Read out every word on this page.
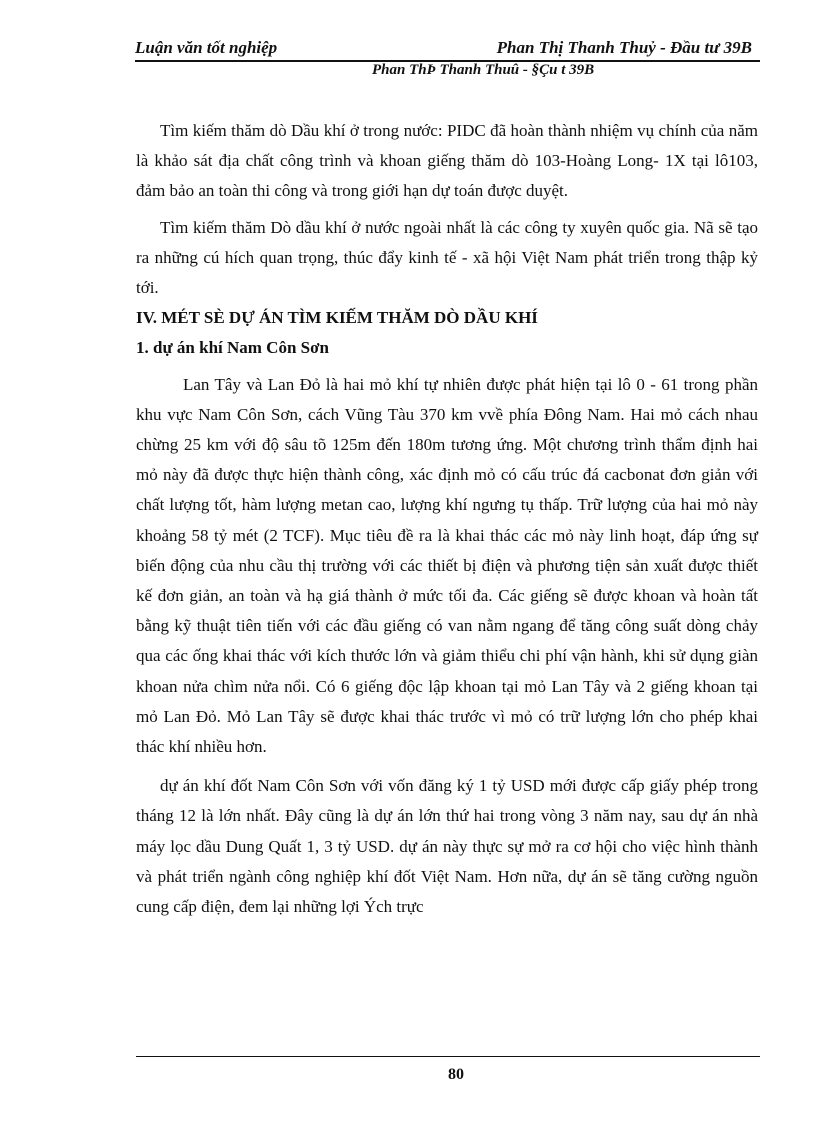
Luận văn tốt nghiệp	Phan Thị Thanh Thuỷ - Đầu tư 39B
Phan ThÞ Thanh Thuû - §Çu t 39B

Tìm kiếm thăm dò Dầu khí ở trong nước: PIDC đã hoàn thành nhiệm vụ chính của năm là khảo sát địa chất công trình và khoan giếng thăm dò 103-Hoàng Long- 1X tại lô103, đảm bảo an toàn thi công và trong giới hạn dự toán được duyệt.

Tìm kiếm thăm Dò dầu khí ở nước ngoài nhất là các công ty xuyên quốc gia. Nã sẽ tạo ra những cú hích quan trọng, thúc đẩy kinh tế - xã hội Việt Nam phát triển trong thập kỷ tới.

IV. MÉT SÈ DỰ ÁN TÌM KIẾM THĂM DÒ DẦU KHÍ
1. dự án khí Nam Côn Sơn

Lan Tây và Lan Đỏ là hai mỏ khí tự nhiên được phát hiện tại lô 0 - 61 trong phần khu vực Nam Côn Sơn, cách Vũng Tàu 370 km vvề phía Đông Nam. Hai mỏ cách nhau chừng 25 km với độ sâu tõ 125m đến 180m tương ứng. Một chương trình thẩm định hai mỏ này đã được thực hiện thành công, xác định mỏ có cấu trúc đá cacbonat đơn giản với chất lượng tốt, hàm lượng metan cao, lượng khí ngưng tụ thấp. Trữ lượng của hai mỏ này khoảng 58 tỷ mét (2 TCF). Mục tiêu đề ra là khai thác các mỏ này linh hoạt, đáp ứng sự biến động của nhu cầu thị trường với các thiết bị điện và phương tiện sản xuất được thiết kế đơn giản, an toàn và hạ giá thành ở mức tối đa. Các giếng sẽ được khoan và hoàn tất bằng kỹ thuật tiên tiến với các đầu giếng có van nằm ngang để tăng công suất dòng chảy qua các ống khai thác với kích thước lớn và giảm thiểu chi phí vận hành, khi sử dụng giàn khoan nửa chìm nửa nổi. Có 6 giếng độc lập khoan tại mỏ Lan Tây và 2 giếng khoan tại mỏ Lan Đỏ. Mỏ Lan Tây sẽ được khai thác trước vì mỏ có trữ lượng lớn cho phép khai thác khí nhiều hơn.

dự án khí đốt Nam Côn Sơn với vốn đăng ký 1 tỷ USD mới được cấp giấy phép trong tháng 12 là lớn nhất. Đây cũng là dự án lớn thứ hai trong vòng 3 năm nay, sau dự án nhà máy lọc dầu Dung Quất 1, 3 tỷ USD. dự án này thực sự mở ra cơ hội cho việc hình thành và phát triển ngành công nghiệp khí đốt Việt Nam. Hơn nữa, dự án sẽ tăng cường nguồn cung cấp điện, đem lại những lợi Ých trực

80
